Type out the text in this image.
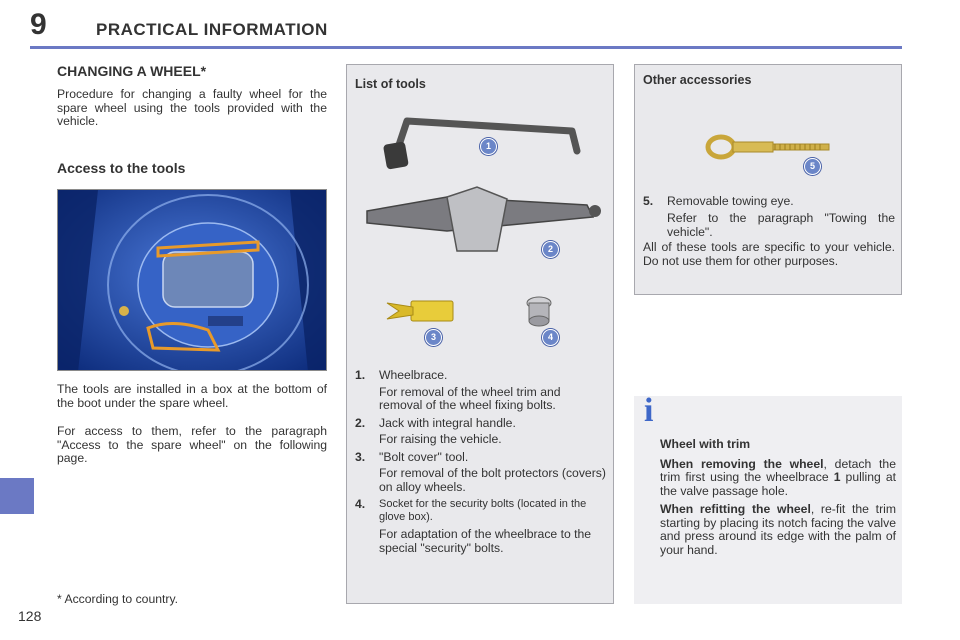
9	PRACTICAL INFORMATION
128
CHANGING A WHEEL*
Procedure for changing a faulty wheel for the spare wheel using the tools provided with the vehicle.
Access to the tools
The tools are installed in a box at the bottom of the boot under the spare wheel.
For access to them, refer to the paragraph "Access to the spare wheel" on the following page.
* According to country.
List of tools
1
2
3	4
1. Wheelbrace.
For removal of the wheel trim and removal of the wheel fixing bolts.
2. Jack with integral handle.
For raising the vehicle.
3. "Bolt cover" tool.
For removal of the bolt protectors (covers) on alloy wheels.
4.	Socket for the security bolts (located in the glove box).
For adaptation of the wheelbrace to the special "security" bolts.
Other accessories
5
5. Removable towing eye.
Refer to the paragraph "Towing the vehicle".
All of these tools are specific to your vehicle. Do not use them for other purposes.
i
Wheel with trim
When removing the wheel, detach the trim first using the wheelbrace 1 pulling at the valve passage hole.
When refitting the wheel, re-fit the trim starting by placing its notch facing the valve and press around its edge with the palm of your hand.
